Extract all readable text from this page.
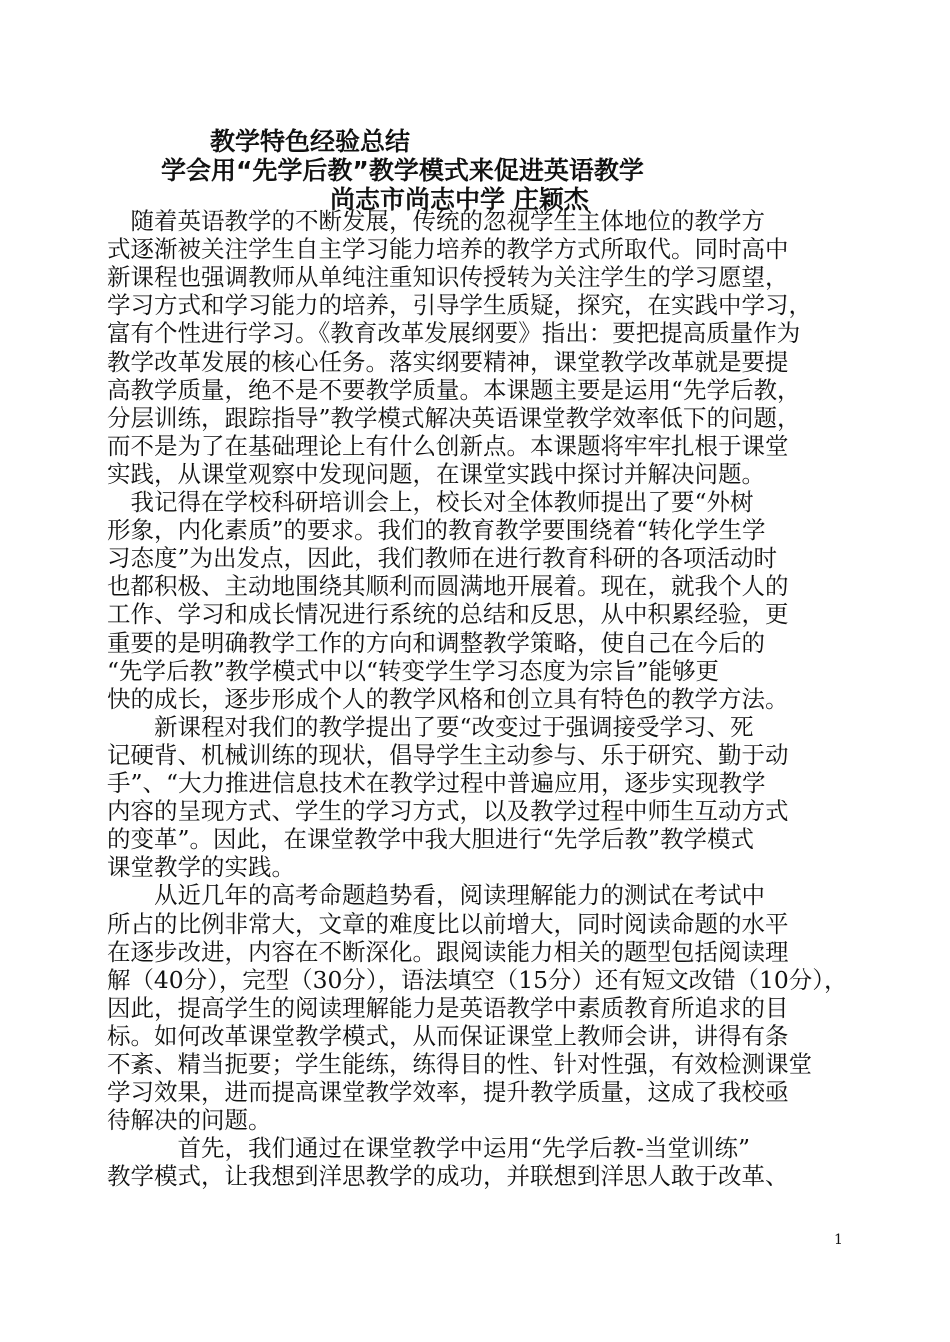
教学特色经验总结
学会用“先学后教”教学模式来促进英语教学
尚志市尚志中学 庄颖杰
　随着英语教学的不断发展，传统的忽视学生主体地位的教学方
式逐渐被关注学生自主学习能力培养的教学方式所取代。同时高中
新课程也强调教师从单纯注重知识传授转为关注学生的学习愿望，
学习方式和学习能力的培养，引导学生质疑，探究，在实践中学习，
富有个性进行学习。《教育改革发展纲要》指出：要把提高质量作为
教学改革发展的核心任务。落实纲要精神，课堂教学改革就是要提
高教学质量，绝不是不要教学质量。本课题主要是运用“先学后教，
分层训练，跟踪指导”教学模式解决英语课堂教学效率低下的问题，
而不是为了在基础理论上有什么创新点。本课题将牢牢扎根于课堂
实践，从课堂观察中发现问题，在课堂实践中探讨并解决问题。
　我记得在学校科研培训会上，校长对全体教师提出了要“外树
形象，内化素质”的要求。我们的教育教学要围绕着“转化学生学
习态度”为出发点，因此，我们教师在进行教育科研的各项活动时
也都积极、主动地围绕其顺利而圆满地开展着。现在，就我个人的
工作、学习和成长情况进行系统的总结和反思，从中积累经验，更
重要的是明确教学工作的方向和调整教学策略，使自己在今后的
“先学后教”教学模式中以“转变学生学习态度为宗旨”能够更
快的成长，逐步形成个人的教学风格和创立具有特色的教学方法。
　　新课程对我们的教学提出了要“改变过于强调接受学习、死
记硬背、机械训练的现状，倡导学生主动参与、乐于研究、勤于动
手”、“大力推进信息技术在教学过程中普遍应用，逐步实现教学
内容的呈现方式、学生的学习方式，以及教学过程中师生互动方式
的变革”。因此，在课堂教学中我大胆进行“先学后教”教学模式
课堂教学的实践。
　　从近几年的高考命题趋势看，阅读理解能力的测试在考试中
所占的比例非常大，文章的难度比以前增大，同时阅读命题的水平
在逐步改进，内容在不断深化。跟阅读能力相关的题型包括阅读理
解（40分），完型（30分），语法填空（15分）还有短文改错（10分），
因此，提高学生的阅读理解能力是英语教学中素质教育所追求的目
标。如何改革课堂教学模式，从而保证课堂上教师会讲，讲得有条
不紊、精当扼要；学生能练，练得目的性、针对性强，有效检测课堂
学习效果，进而提高课堂教学效率，提升教学质量，这成了我校亟
待解决的问题。
　　　首先，我们通过在课堂教学中运用“先学后教-当堂训练”
教学模式，让我想到洋思教学的成功，并联想到洋思人敢于改革、
1
